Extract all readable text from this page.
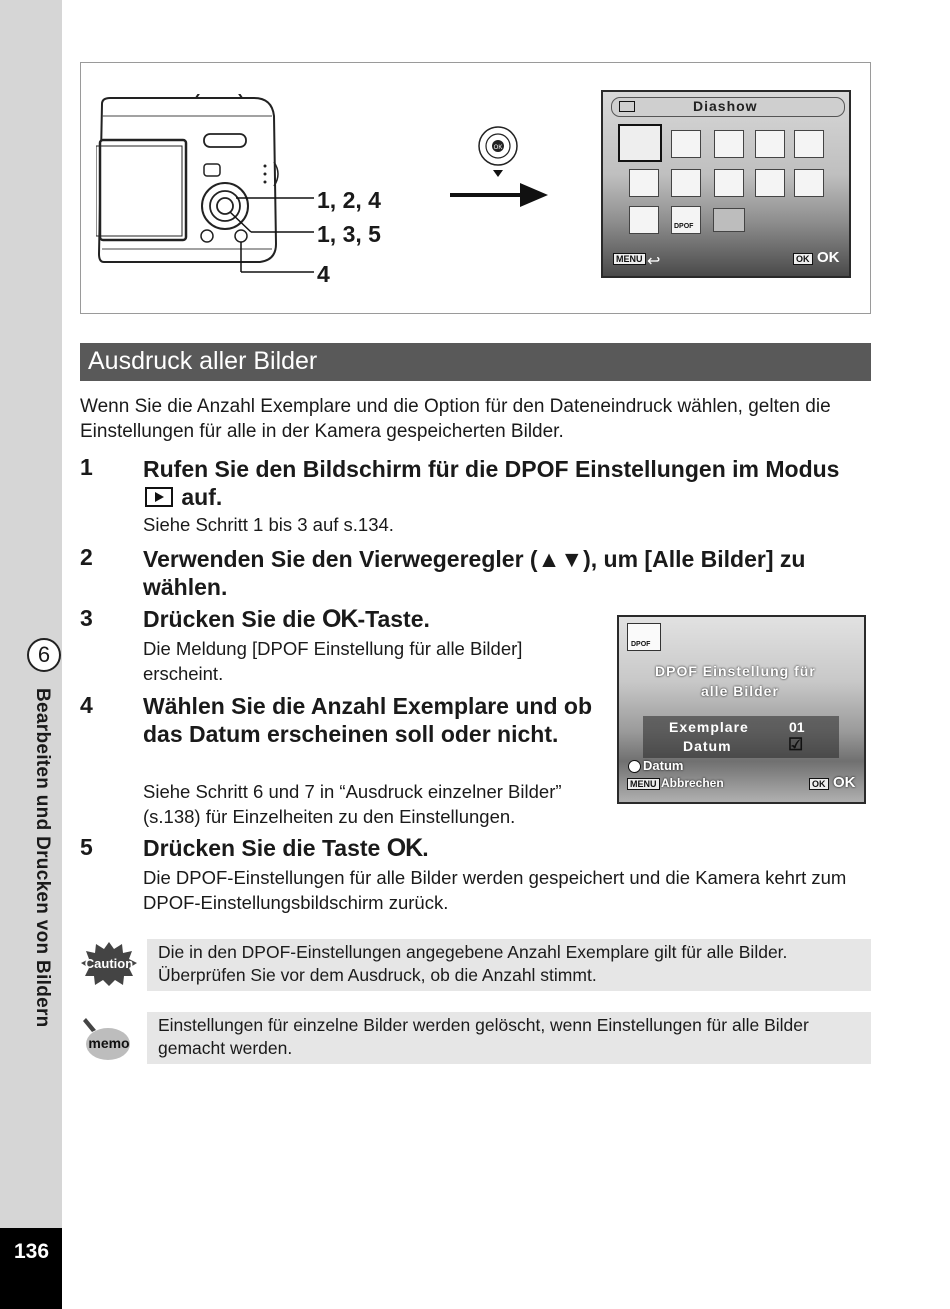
6
Bearbeiten und Drucken von Bildern
136
1, 2, 4
1, 3, 5
4
OK
Diashow
DPOF
MENU ↩	OK OK
Ausdruck aller Bilder
Wenn Sie die Anzahl Exemplare und die Option für den Dateneindruck wählen, gelten die Einstellungen für alle in der Kamera gespeicherten Bilder.
1 Rufen Sie den Bildschirm für die DPOF Einstellungen im Modus  auf.
Siehe Schritt 1 bis 3 auf s.134.
2 Verwenden Sie den Vierwegeregler (▲▼), um [Alle Bilder] zu wählen.
3 Drücken Sie die OK-Taste.
Die Meldung [DPOF Einstellung für alle Bilder] erscheint.
4 Wählen Sie die Anzahl Exemplare und ob das Datum erscheinen soll oder nicht.
Siehe Schritt 6 und 7 in “Ausdruck einzelner Bilder” (s.138) für Einzelheiten zu den Einstellungen.
DPOF
DPOF Einstellung für
alle Bilder
Exemplare	01
Datum	☑
Datum
MENU Abbrechen	OK OK
5 Drücken Sie die Taste OK.
Die DPOF-Einstellungen für alle Bilder werden gespeichert und die Kamera kehrt zum DPOF-Einstellungsbildschirm zurück.
Caution
Die in den DPOF-Einstellungen angegebene Anzahl Exemplare gilt für alle Bilder. Überprüfen Sie vor dem Ausdruck, ob die Anzahl stimmt.
memo
Einstellungen für einzelne Bilder werden gelöscht, wenn Einstellungen für alle Bilder gemacht werden.
